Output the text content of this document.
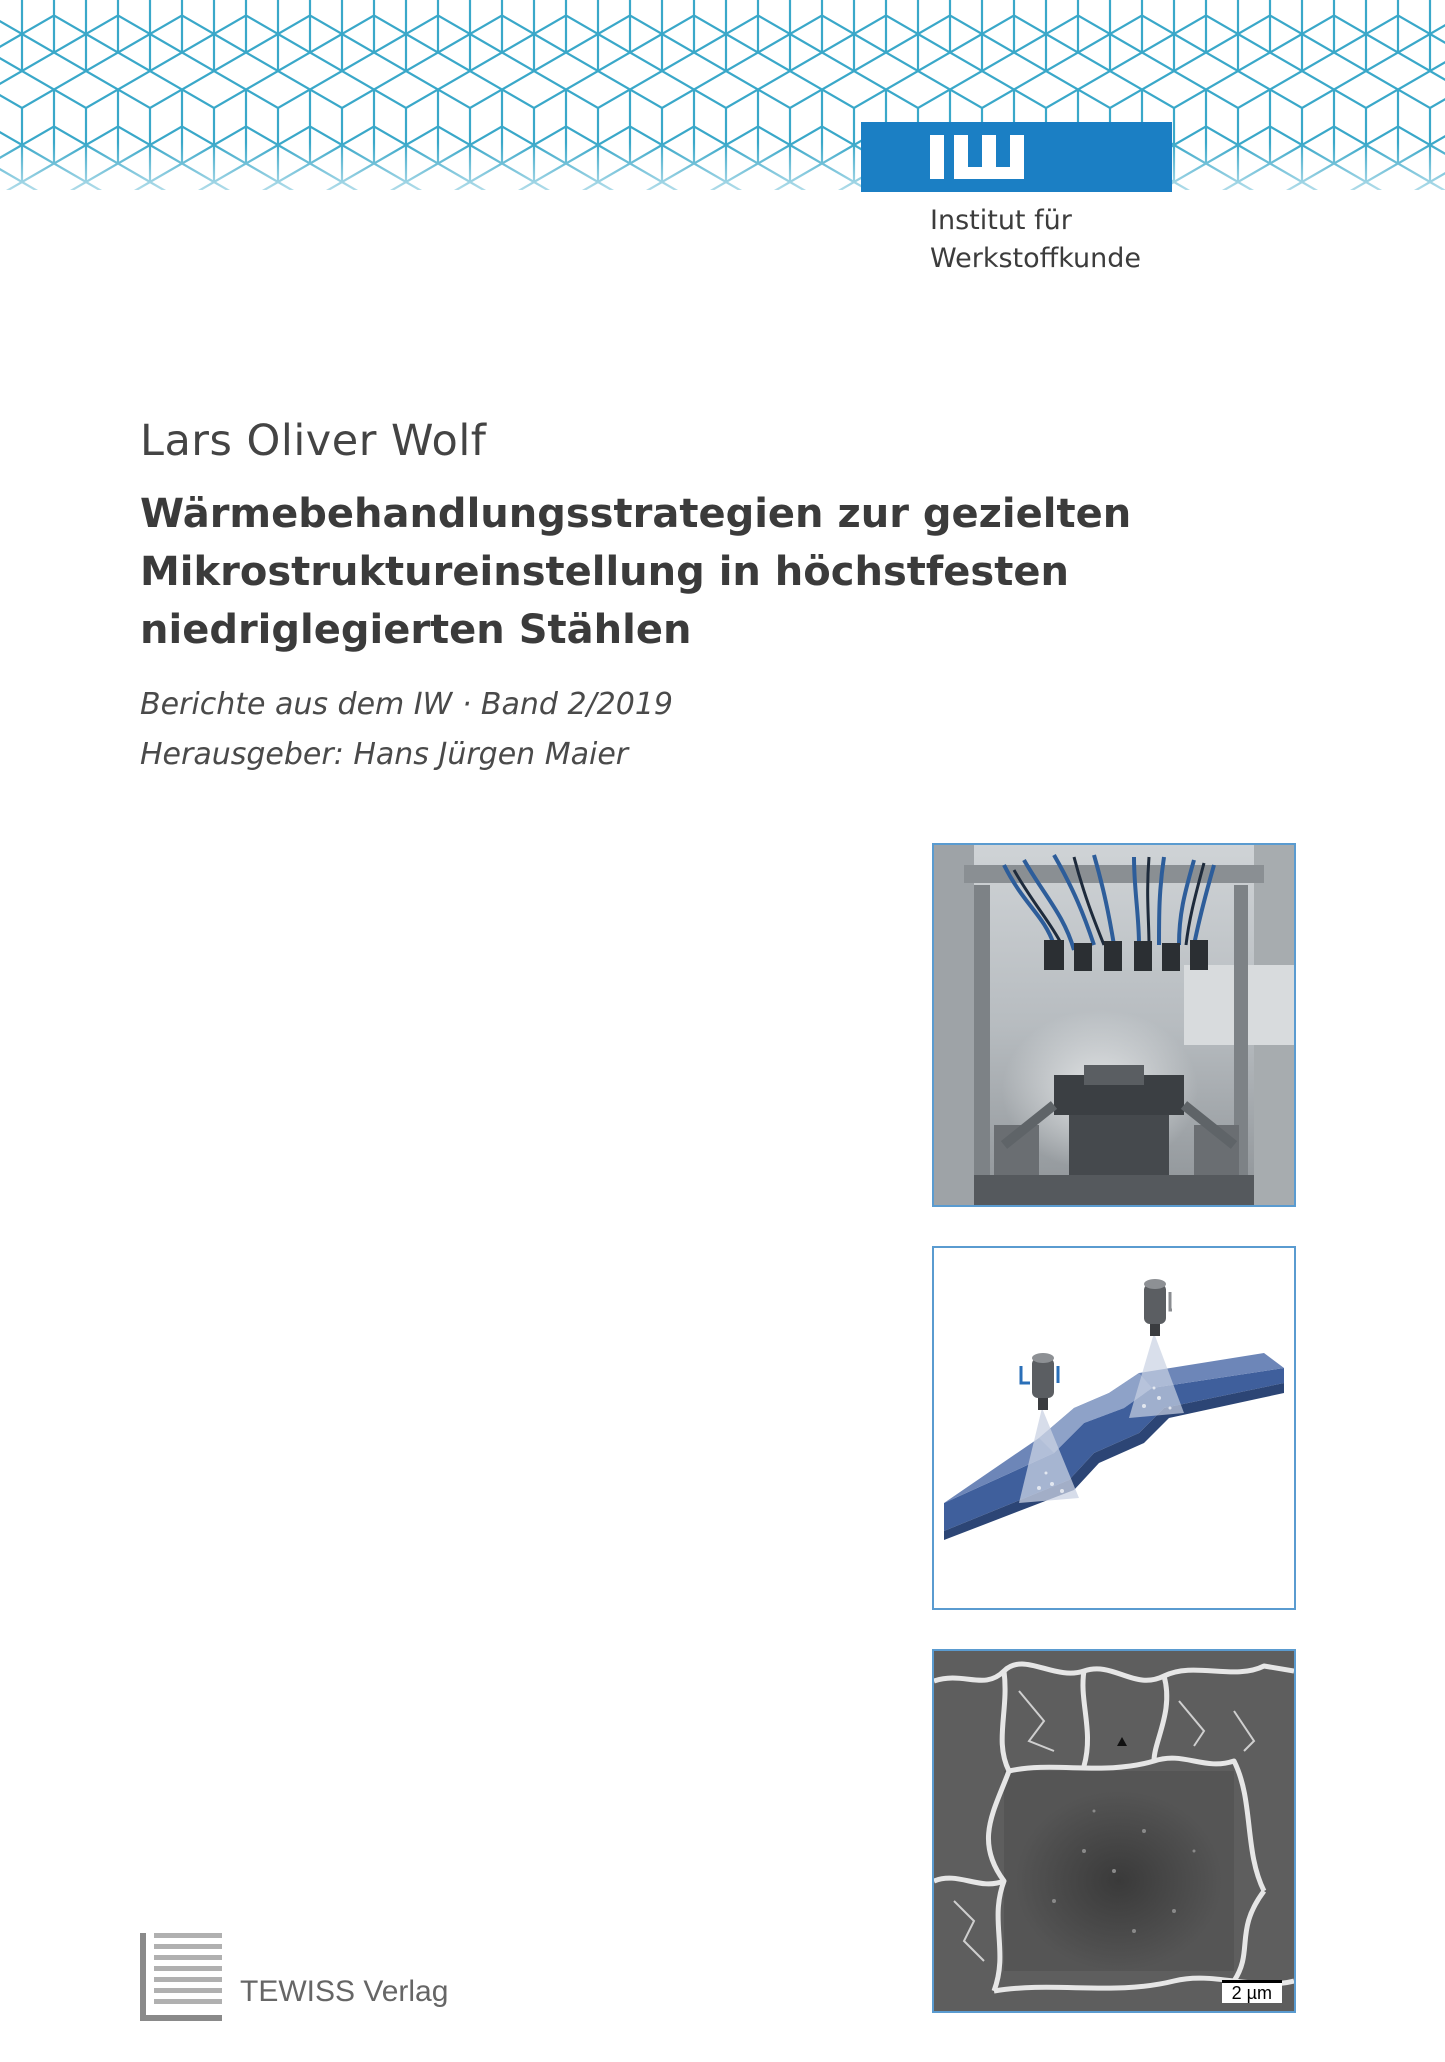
Institut für
Werkstoffkunde
Lars Oliver Wolf
Wärmebehandlungsstrategien zur gezielten
Mikrostruktureinstellung in höchstfesten
niedriglegierten Stählen
Berichte aus dem IW · Band 2/2019
Herausgeber: Hans Jürgen Maier
2 µm
TEWISS Verlag
